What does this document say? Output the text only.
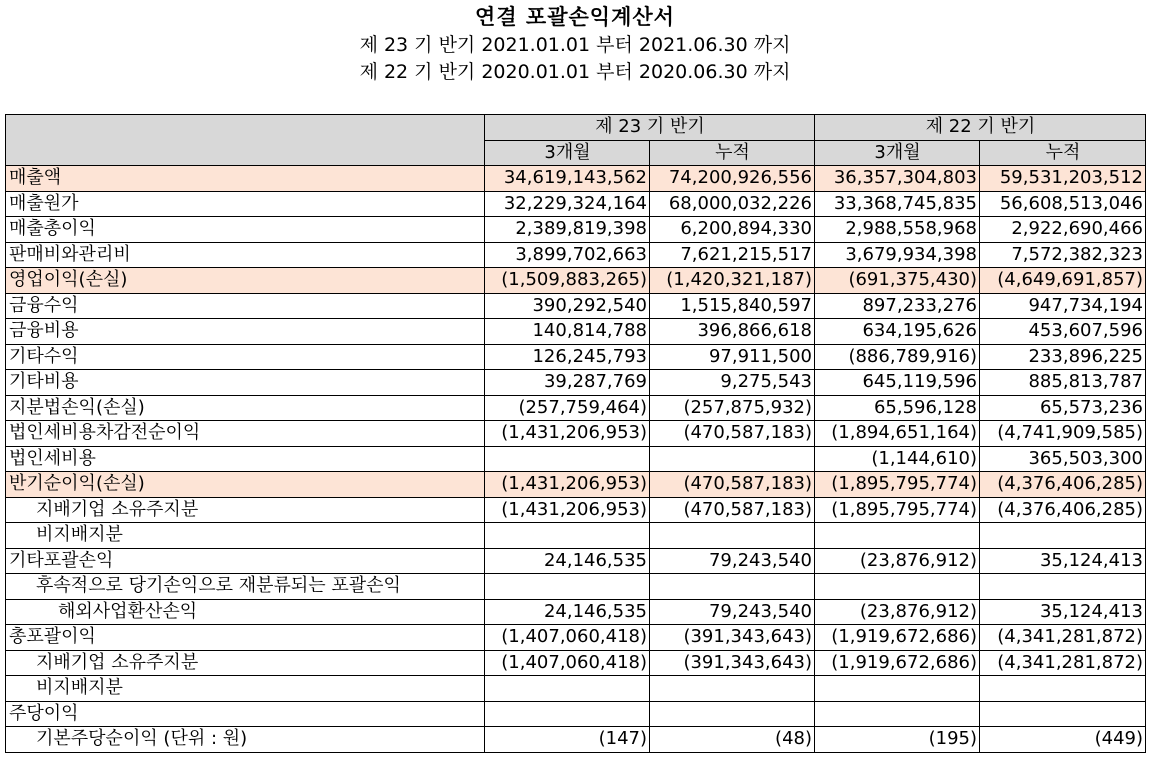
연결 포괄손익계산서
제 23 기 반기 2021.01.01 부터 2021.06.30 까지
제 22 기 반기 2020.01.01 부터 2020.06.30 까지
	제 23 기 반기		제 22 기 반기	
	3개월	누적	3개월	누적
매출액	34,619,143,562	74,200,926,556	36,357,304,803	59,531,203,512
매출원가	32,229,324,164	68,000,032,226	33,368,745,835	56,608,513,046
매출총이익	2,389,819,398	6,200,894,330	2,988,558,968	2,922,690,466
판매비와관리비	3,899,702,663	7,621,215,517	3,679,934,398	7,572,382,323
영업이익(손실)	(1,509,883,265)	(1,420,321,187)	(691,375,430)	(4,649,691,857)
금융수익	390,292,540	1,515,840,597	897,233,276	947,734,194
금융비용	140,814,788	396,866,618	634,195,626	453,607,596
기타수익	126,245,793	97,911,500	(886,789,916)	233,896,225
기타비용	39,287,769	9,275,543	645,119,596	885,813,787
지분법손익(손실)	(257,759,464)	(257,875,932)	65,596,128	65,573,236
법인세비용차감전순이익	(1,431,206,953)	(470,587,183)	(1,894,651,164)	(4,741,909,585)
법인세비용			(1,144,610)	365,503,300
반기순이익(손실)	(1,431,206,953)	(470,587,183)	(1,895,795,774)	(4,376,406,285)
지배기업 소유주지분	(1,431,206,953)	(470,587,183)	(1,895,795,774)	(4,376,406,285)
비지배지분				
기타포괄손익	24,146,535	79,243,540	(23,876,912)	35,124,413
후속적으로 당기손익으로 재분류되는 포괄손익				
해외사업환산손익	24,146,535	79,243,540	(23,876,912)	35,124,413
총포괄이익	(1,407,060,418)	(391,343,643)	(1,919,672,686)	(4,341,281,872)
지배기업 소유주지분	(1,407,060,418)	(391,343,643)	(1,919,672,686)	(4,341,281,872)
비지배지분				
주당이익				
기본주당순이익 (단위 : 원)	(147)	(48)	(195)	(449)
